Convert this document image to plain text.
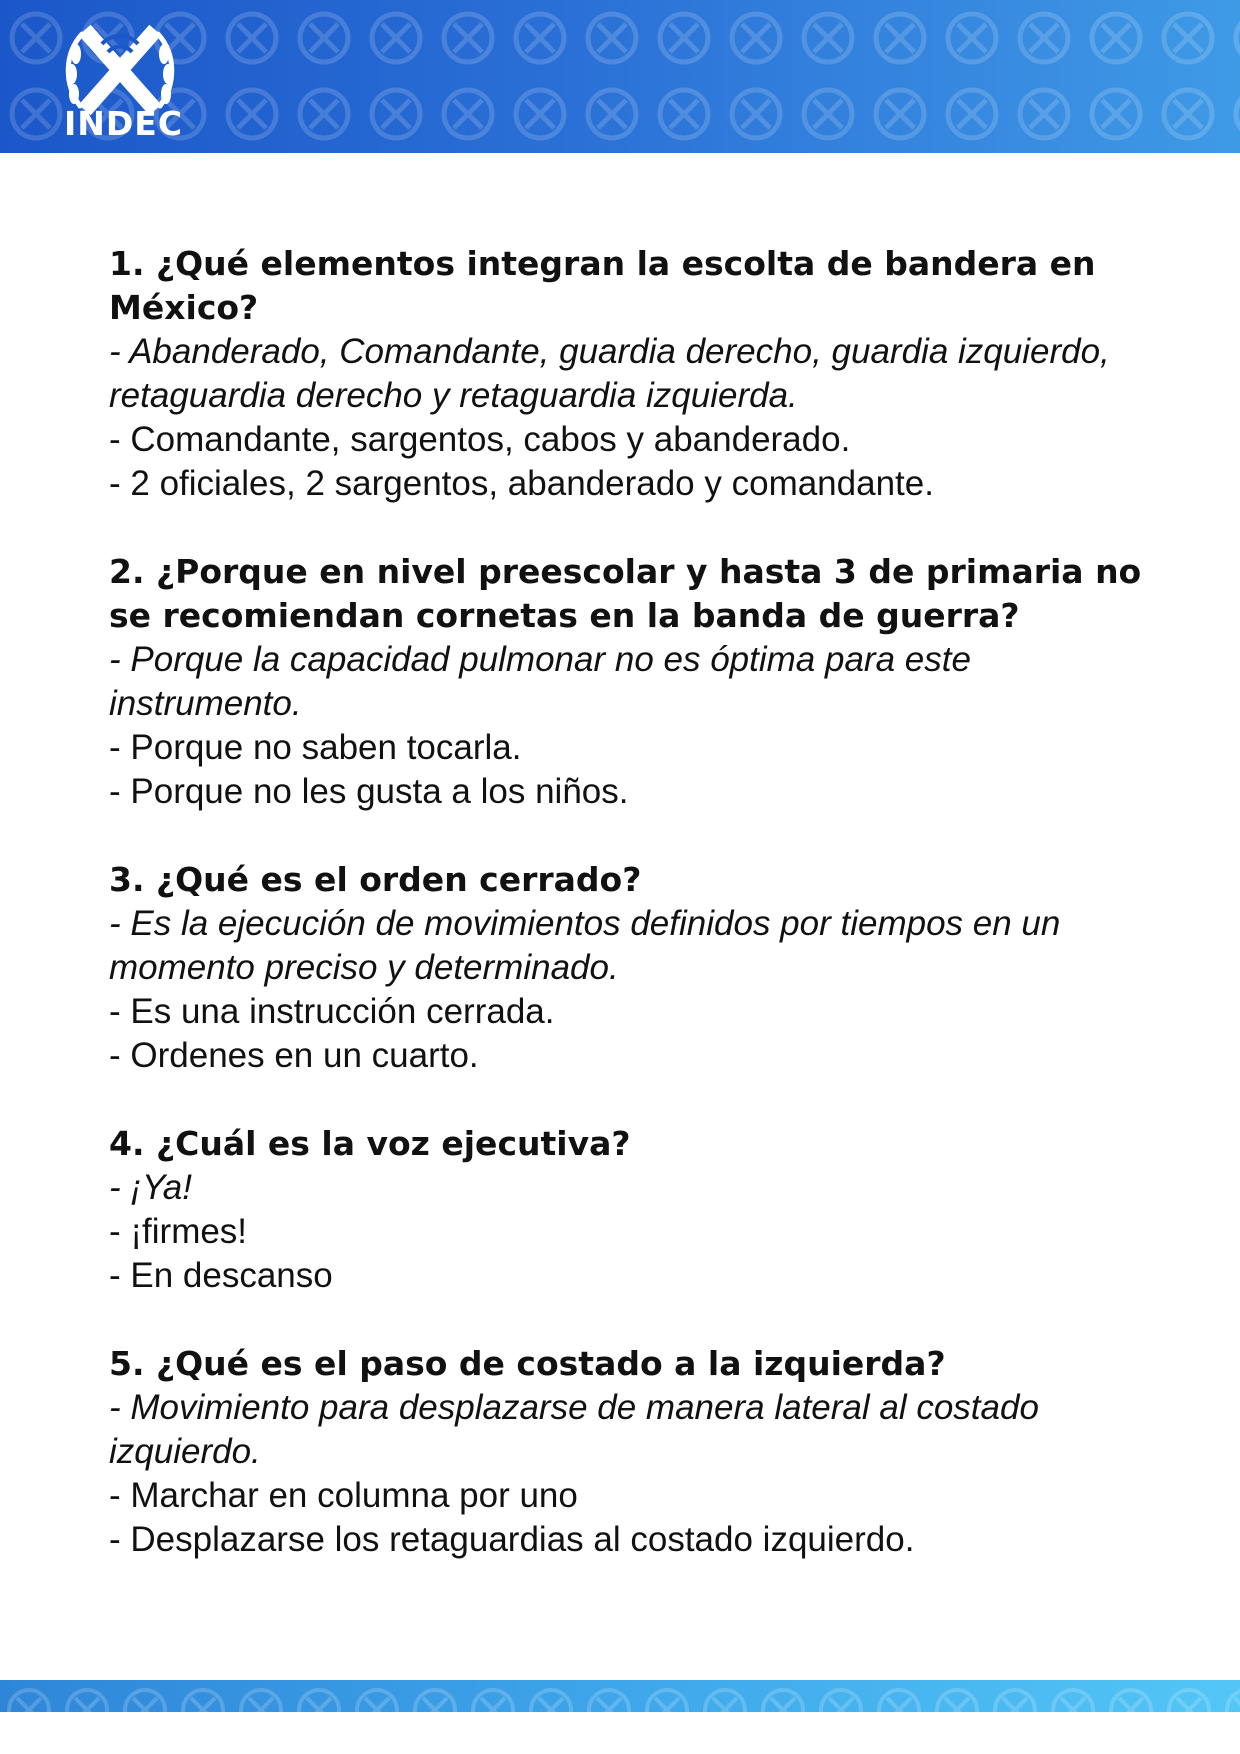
INDEC
1. ¿Qué elementos integran la escolta de bandera en México?
- Abanderado, Comandante, guardia derecho, guardia izquierdo, retaguardia derecho y retaguardia izquierda.
- Comandante, sargentos, cabos y abanderado.
- 2 oficiales, 2 sargentos, abanderado y comandante.
2. ¿Porque en nivel preescolar y hasta 3 de primaria no se recomiendan cornetas en la banda de guerra?
- Porque la capacidad pulmonar no es óptima para este instrumento.
- Porque no saben tocarla.
- Porque no les gusta a los niños.
3. ¿Qué es el orden cerrado?
- Es la ejecución de movimientos definidos por tiempos en un momento preciso y determinado.
- Es una instrucción cerrada.
- Ordenes en un cuarto.
4. ¿Cuál es la voz ejecutiva?
- ¡Ya!
- ¡firmes!
- En descanso
5. ¿Qué es el paso de costado a la izquierda?
- Movimiento para desplazarse de manera lateral al costado izquierdo.
- Marchar en columna por uno
- Desplazarse los retaguardias al costado izquierdo.
